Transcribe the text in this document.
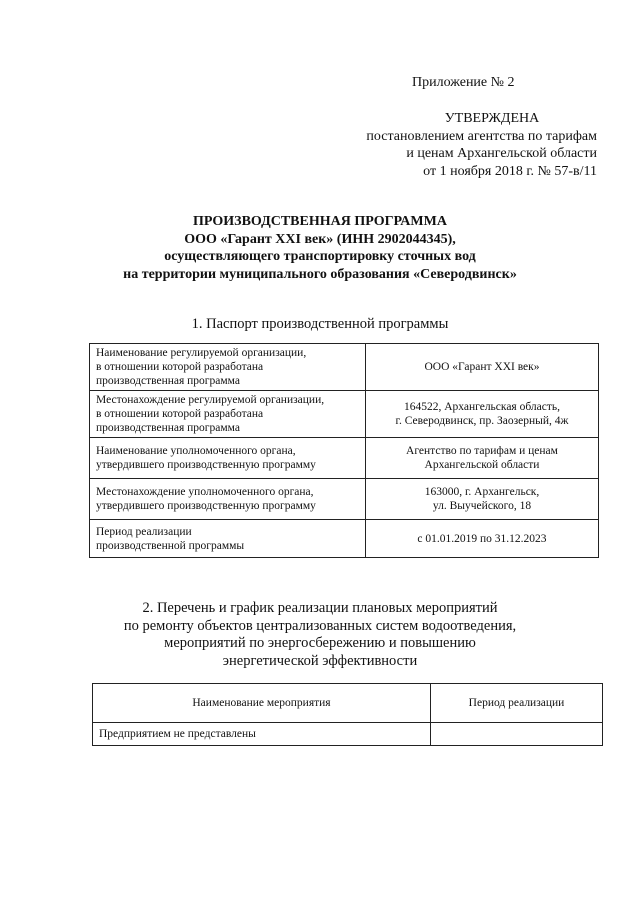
Приложение № 2
УТВЕРЖДЕНА
постановлением агентства по тарифам
и ценам Архангельской области
от 1 ноября 2018 г. № 57-в/11
ПРОИЗВОДСТВЕННАЯ ПРОГРАММА
ООО «Гарант XXI век» (ИНН 2902044345),
осуществляющего транспортировку сточных вод
на территории муниципального образования «Северодвинск»
1. Паспорт производственной программы
Наименование регулируемой организации,
в отношении которой разработана
производственная программа	ООО «Гарант XXI век»

Местонахождение регулируемой организации,
в отношении которой разработана
производственная программа	164522, Архангельская область,
г. Северодвинск, пр. Заозерный, 4ж

Наименование уполномоченного органа,
утвердившего производственную программу	Агентство по тарифам и ценам
Архангельской области

Местонахождение уполномоченного органа,
утвердившего производственную программу	163000, г. Архангельск,
ул. Выучейского, 18

Период реализации
производственной программы	с 01.01.2019 по 31.12.2023
2. Перечень и график реализации плановых мероприятий
по ремонту объектов централизованных систем водоотведения,
мероприятий по энергосбережению и повышению
энергетической эффективности
Наименование мероприятия	Период реализации
Предприятием не представлены	
